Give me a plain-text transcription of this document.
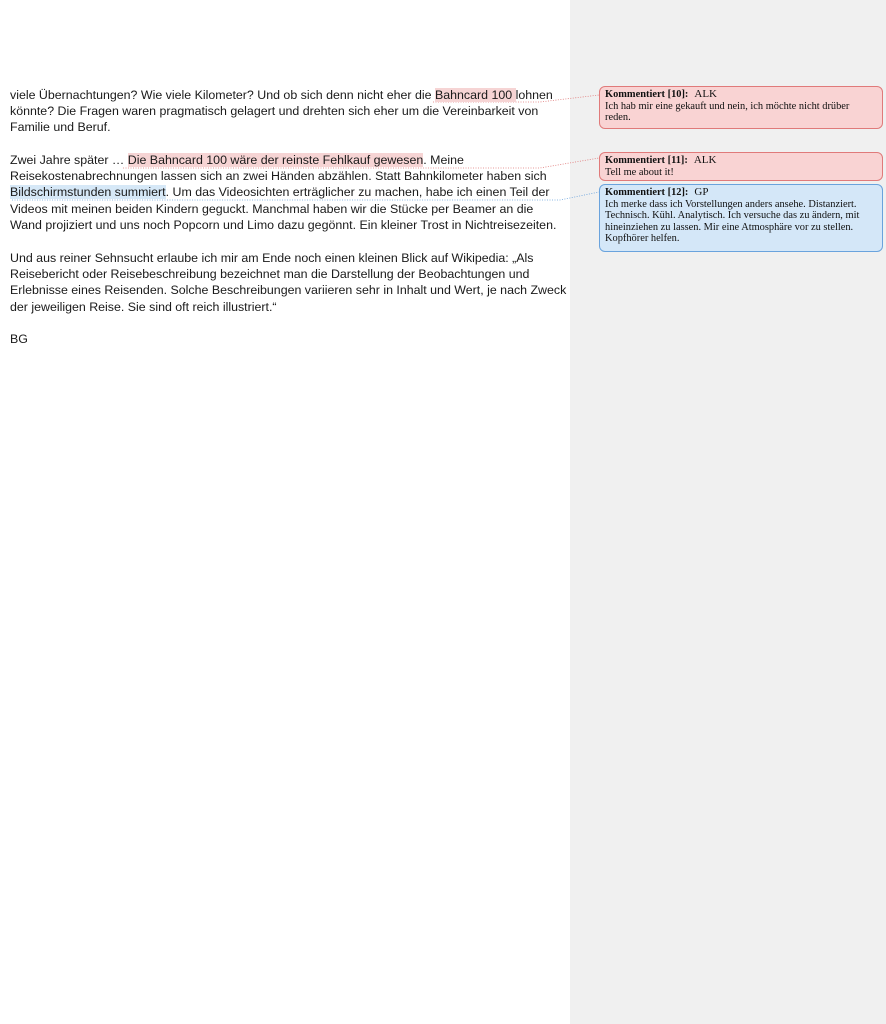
viele Übernachtungen? Wie viele Kilometer? Und ob sich denn nicht eher die Bahncard 100 lohnen
könnte? Die Fragen waren pragmatisch gelagert und drehten sich eher um die Vereinbarkeit von
Familie und Beruf.
Zwei Jahre später … Die Bahncard 100 wäre der reinste Fehlkauf gewesen. Meine
Reisekostenabrechnungen lassen sich an zwei Händen abzählen. Statt Bahnkilometer haben sich
Bildschirmstunden summiert. Um das Videosichten erträglicher zu machen, habe ich einen Teil der
Videos mit meinen beiden Kindern geguckt. Manchmal haben wir die Stücke per Beamer an die
Wand projiziert und uns noch Popcorn und Limo dazu gegönnt. Ein kleiner Trost in Nichtreisezeiten.
Und aus reiner Sehnsucht erlaube ich mir am Ende noch einen kleinen Blick auf Wikipedia: „Als
Reisebericht oder Reisebeschreibung bezeichnet man die Darstellung der Beobachtungen und
Erlebnisse eines Reisenden. Solche Beschreibungen variieren sehr in Inhalt und Wert, je nach Zweck
der jeweiligen Reise. Sie sind oft reich illustriert.“
BG
Kommentiert [10]: ALK
Ich hab mir eine gekauft und nein, ich möchte nicht drüber
reden.
Kommentiert [11]: ALK
Tell me about it!
Kommentiert [12]: GP
Ich merke dass ich Vorstellungen anders ansehe. Distanziert.
Technisch. Kühl. Analytisch. Ich versuche das zu ändern, mit
hineinziehen zu lassen. Mir eine Atmosphäre vor zu stellen.
Kopfhörer helfen.
